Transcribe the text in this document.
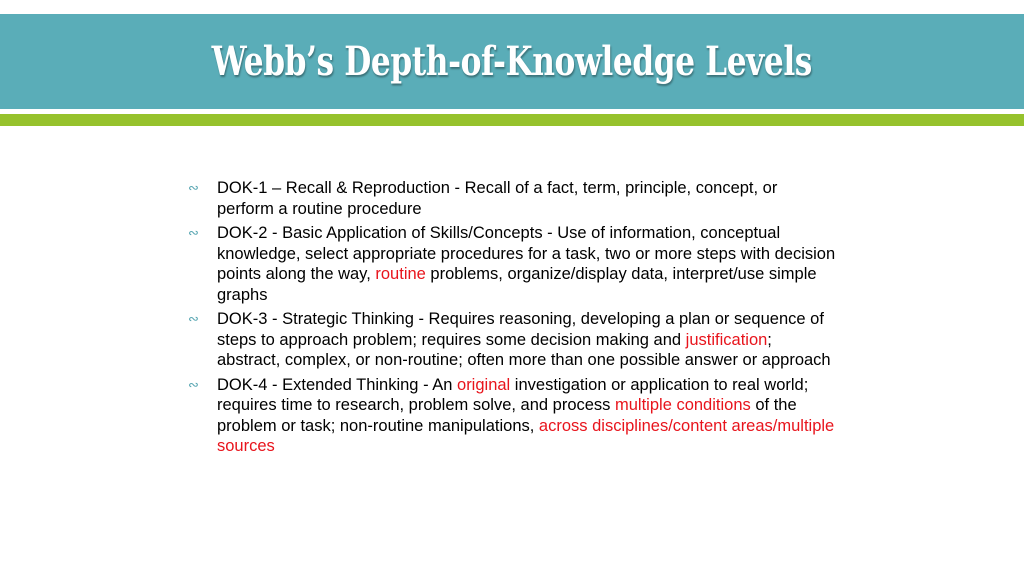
Webb’s Depth-of-Knowledge Levels
∾	DOK-1 – Recall & Reproduction - Recall of a fact, term, principle, concept, or perform a routine procedure
∾	DOK-2 - Basic Application of Skills/Concepts - Use of information, conceptual knowledge, select appropriate procedures for a task, two or more steps with decision points along the way, routine problems, organize/display data, interpret/use simple graphs
∾	DOK-3 - Strategic Thinking - Requires reasoning, developing a plan or sequence of steps to approach problem; requires some decision making and justification; abstract, complex, or non-routine; often more than one possible answer or approach
∾	DOK-4 - Extended Thinking - An original investigation or application to real world; requires time to research, problem solve, and process multiple conditions of the problem or task; non-routine manipulations, across disciplines/content areas/multiple sources
